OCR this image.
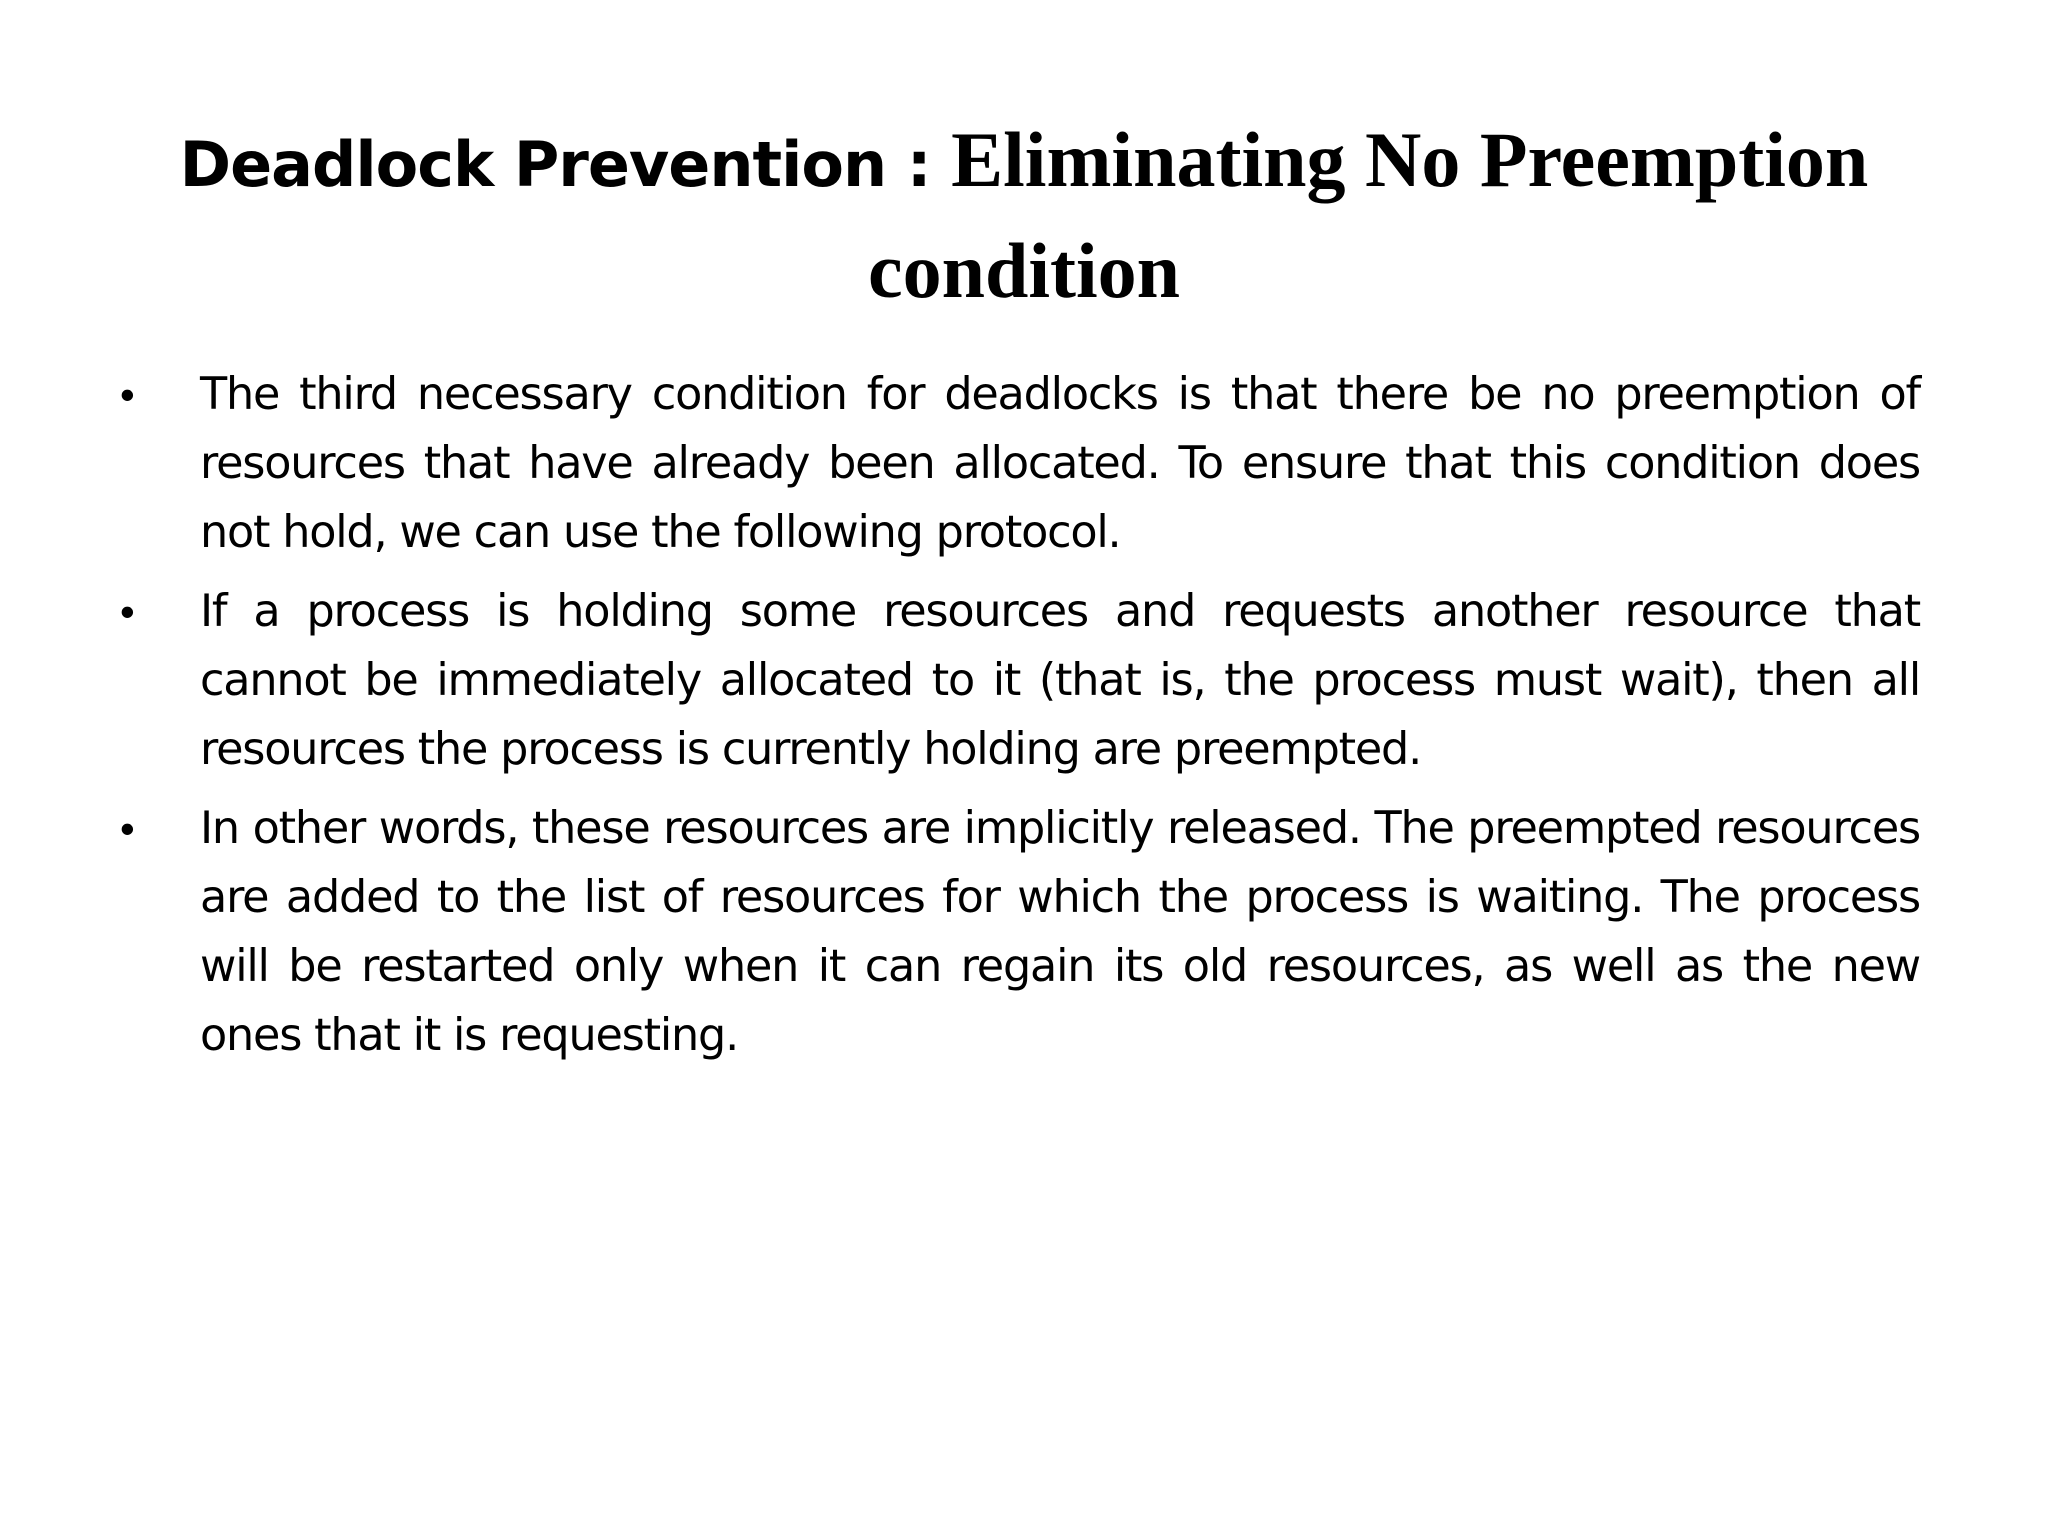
Deadlock Prevention : Eliminating No Preemption condition
•	The third necessary condition for deadlocks is that there be no preemption of resources that have already been allocated. To ensure that this condition does not hold, we can use the following protocol.
•	If a process is holding some resources and requests another resource that cannot be immediately allocated to it (that is, the process must wait), then all resources the process is currently holding are preempted.
•	In other words, these resources are implicitly released. The preempted resources are added to the list of resources for which the process is waiting. The process will be restarted only when it can regain its old resources, as well as the new ones that it is requesting.
